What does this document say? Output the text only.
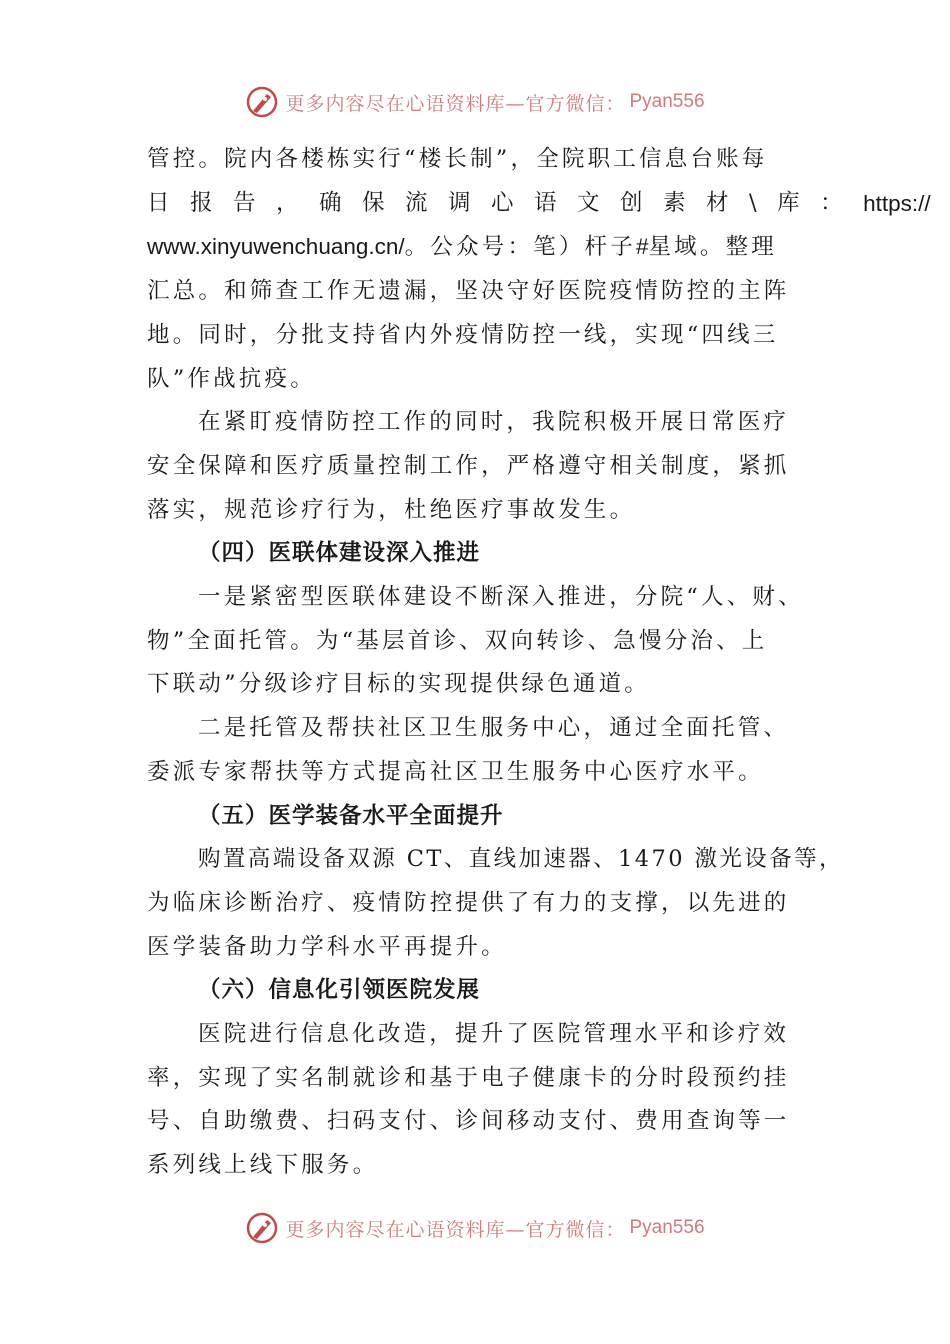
更多内容尽在心语资料库—官方微信： Pyan556

管控。院内各楼栋实行“楼长制”，全院职工信息台账每
日报告，确保流调心语文创素材\库： https://
www.xinyuwenchuang.cn/。公众号：笔）杆子#星域。整理
汇总。和筛查工作无遗漏，坚决守好医院疫情防控的主阵
地。同时，分批支持省内外疫情防控一线，实现“四线三
队”作战抗疫。

在紧盯疫情防控工作的同时，我院积极开展日常医疗
安全保障和医疗质量控制工作，严格遵守相关制度，紧抓
落实，规范诊疗行为，杜绝医疗事故发生。

（四）医联体建设深入推进

一是紧密型医联体建设不断深入推进，分院“人、财、
物”全面托管。为“基层首诊、双向转诊、急慢分治、上
下联动”分级诊疗目标的实现提供绿色通道。

二是托管及帮扶社区卫生服务中心，通过全面托管、
委派专家帮扶等方式提高社区卫生服务中心医疗水平。

（五）医学装备水平全面提升

购置高端设备双源 CT、直线加速器、1470 激光设备等，
为临床诊断治疗、疫情防控提供了有力的支撑，以先进的
医学装备助力学科水平再提升。

（六）信息化引领医院发展

医院进行信息化改造，提升了医院管理水平和诊疗效
率，实现了实名制就诊和基于电子健康卡的分时段预约挂
号、自助缴费、扫码支付、诊间移动支付、费用查询等一
系列线上线下服务。

更多内容尽在心语资料库—官方微信： Pyan556
